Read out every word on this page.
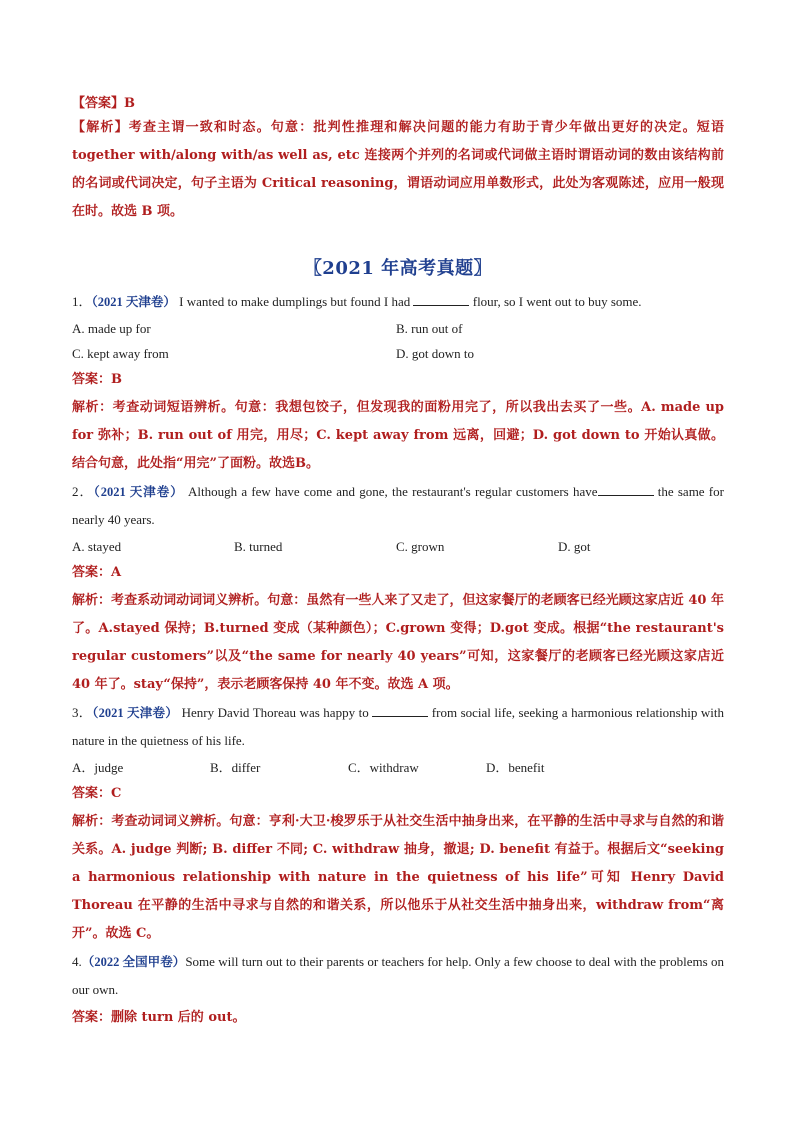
【答案】B
【解析】考查主谓一致和时态。句意：批判性推理和解决问题的能力有助于青少年做出更好的决定。短语 together with/along with/as well as, etc 连接两个并列的名词或代词做主语时谓语动词的数由该结构前的名词或代词决定，句子主语为 Critical reasoning，谓语动词应用单数形式，此处为客观陈述，应用一般现在时。故选 B 项。
〖2021 年高考真题〗
1．（2021 天津卷） I wanted to make dumplings but found I had	flour, so I went out to buy some.
A. made up for	B. run out of
C. kept away from	D. got down to
答案：B
解析：考查动词短语辨析。句意：我想包饺子，但发现我的面粉用完了，所以我出去买了一些。A. made up for 弥补；B. run out of 用完，用尽；C. kept away from 远离，回避；D. got down to 开始认真做。结合句意，此处指“用完”了面粉。故选B。
2．（2021 天津卷） Although a few have come and gone, the restaurant's regular customers have	the same for nearly 40 years.
A. stayed	B. turned	C. grown	D. got
答案：A
解析：考查系动词动词词义辨析。句意：虽然有一些人来了又走了，但这家餐厅的老顾客已经光顾这家店近 40 年了。A.stayed 保持；B.turned 变成（某种颜色）；C.grown 变得；D.got 变成。根据“the restaurant's regular customers”以及“the same for nearly 40 years”可知，这家餐厅的老顾客已经光顾这家店近40 年了。stay“保持”，表示老顾客保持 40 年不变。故选 A 项。
3．（2021 天津卷） Henry David Thoreau was happy to	from social life, seeking a harmonious relationship with nature in the quietness of his life.
A．judge	B．differ	C．withdraw	D．benefit
答案：C
解析：考查动词词义辨析。句意：亨利·大卫·梭罗乐于从社交生活中抽身出来，在平静的生活中寻求与自然的和谐关系。A. judge 判断; B. differ 不同; C. withdraw 抽身，撤退; D. benefit 有益于。根据后文“seeking a harmonious relationship with nature in the quietness of his life”可知 Henry David Thoreau 在平静的生活中寻求与自然的和谐关系，所以他乐于从社交生活中抽身出来，withdraw from“离开”。故选 C。
4.（2022 全国甲卷）Some will turn out to their parents or teachers for help. Only a few choose to deal with the problems on our own.
答案：删除 turn 后的 out。
